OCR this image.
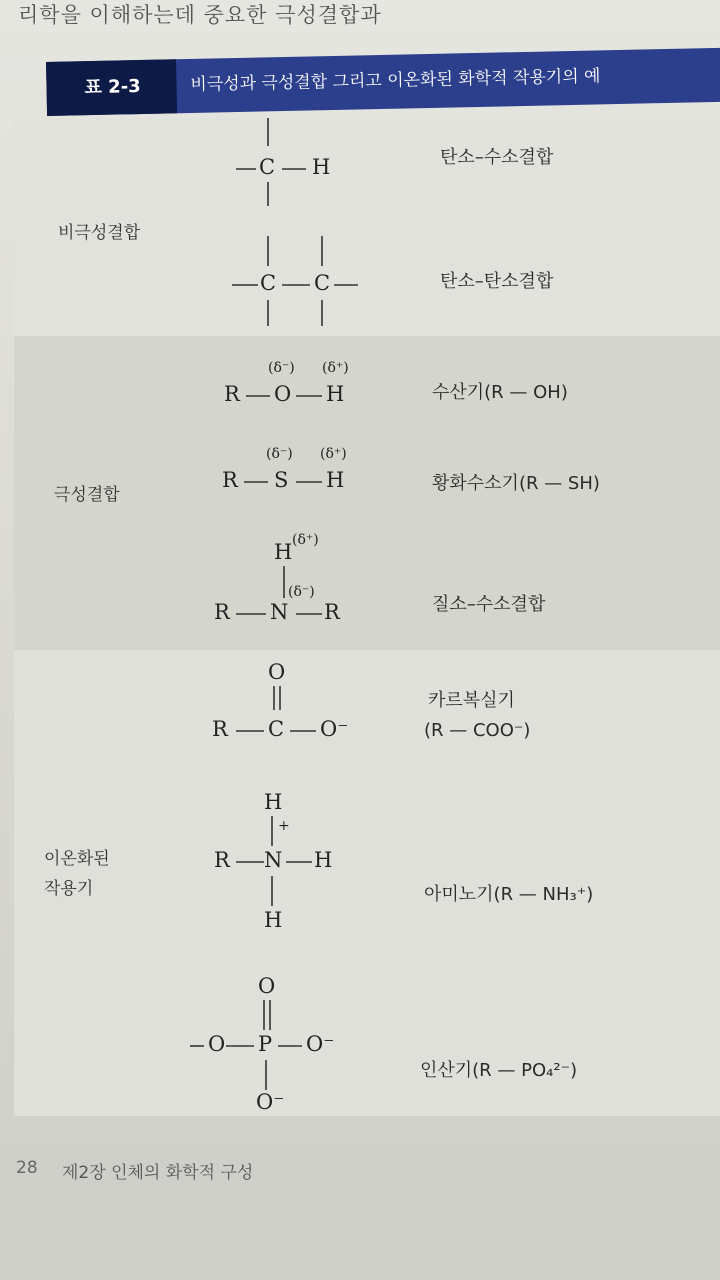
리학을 이해하는데 중요한 극성결합과
표 2-3	비극성과 극성결합 그리고 이온화된 화학적 작용기의 예
비극성결합
극성결합
이온화된
작용기
탄소–수소결합
탄소–탄소결합
수산기(R — OH)
황화수소기(R — SH)
질소–수소결합
카르복실기
(R — COO⁻)
아미노기(R — NH₃⁺)
인산기(R — PO₄²⁻)
C H
C C
R O H
(δ⁻) (δ⁺)
R S H
(δ⁻) (δ⁺)
H (δ⁺)
(δ⁻)
R N R
O
R C O⁻
H
+
R N H
H
O
O P O⁻
O⁻
28 제2장 인체의 화학적 구성
